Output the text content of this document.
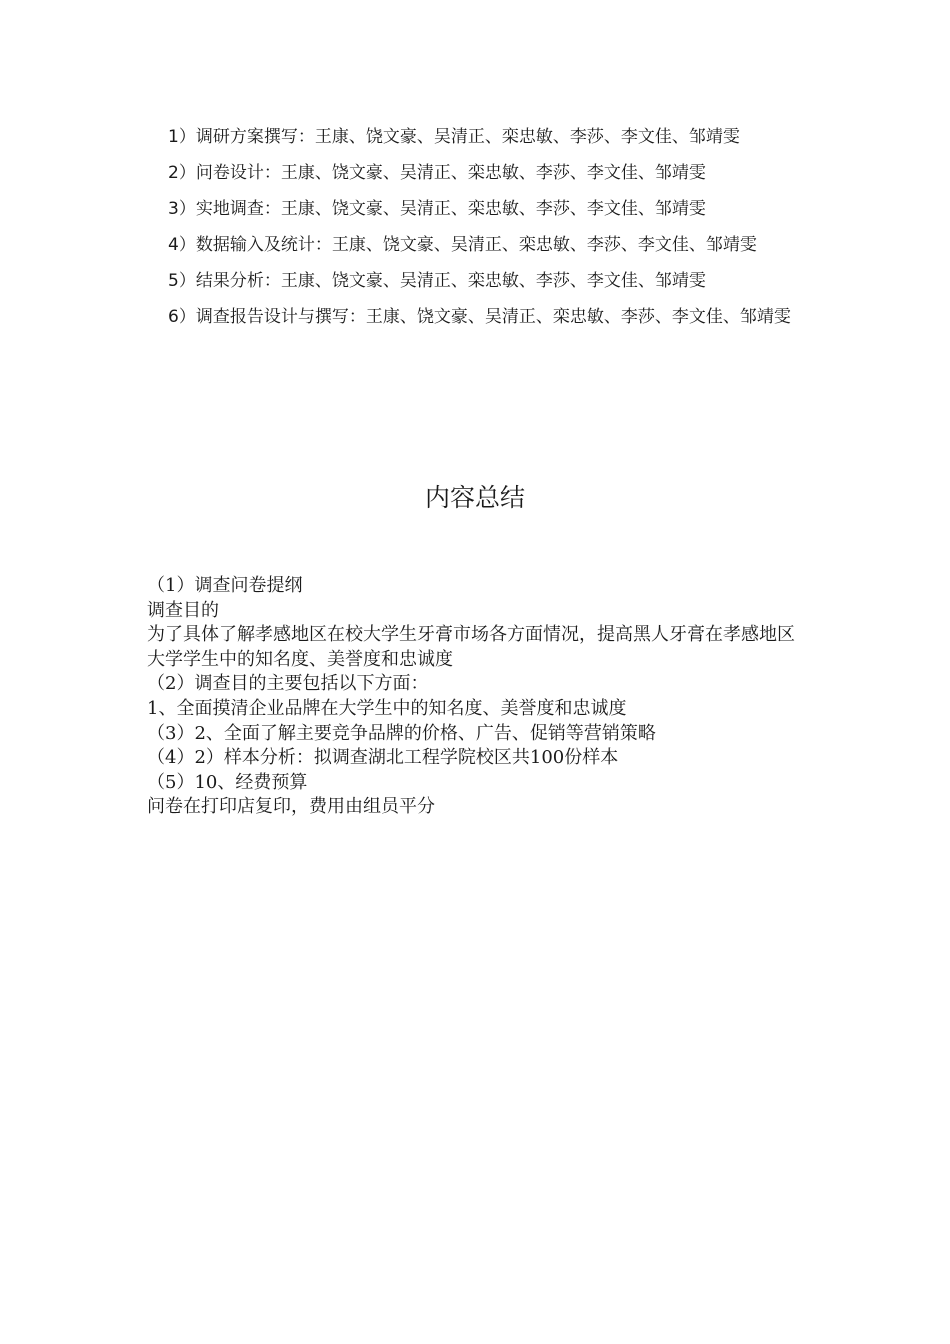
1）调研方案撰写：王康、饶文豪、吴清正、栾忠敏、李莎、李文佳、邹靖雯

2）问卷设计：王康、饶文豪、吴清正、栾忠敏、李莎、李文佳、邹靖雯

3）实地调查：王康、饶文豪、吴清正、栾忠敏、李莎、李文佳、邹靖雯

4）数据输入及统计：王康、饶文豪、吴清正、栾忠敏、李莎、李文佳、邹靖雯

5）结果分析：王康、饶文豪、吴清正、栾忠敏、李莎、李文佳、邹靖雯

6）调查报告设计与撰写：王康、饶文豪、吴清正、栾忠敏、李莎、李文佳、邹靖雯

内容总结

（1）调查问卷提纲

调查目的

为了具体了解孝感地区在校大学生牙膏市场各方面情况，提高黑人牙膏在孝感地区大学学生中的知名度、美誉度和忠诚度

（2）调查目的主要包括以下方面：

1、全面摸清企业品牌在大学生中的知名度、美誉度和忠诚度

（3）2、全面了解主要竞争品牌的价格、广告、促销等营销策略

（4）2）样本分析：拟调查湖北工程学院校区共100份样本

（5）10、经费预算

问卷在打印店复印，费用由组员平分
